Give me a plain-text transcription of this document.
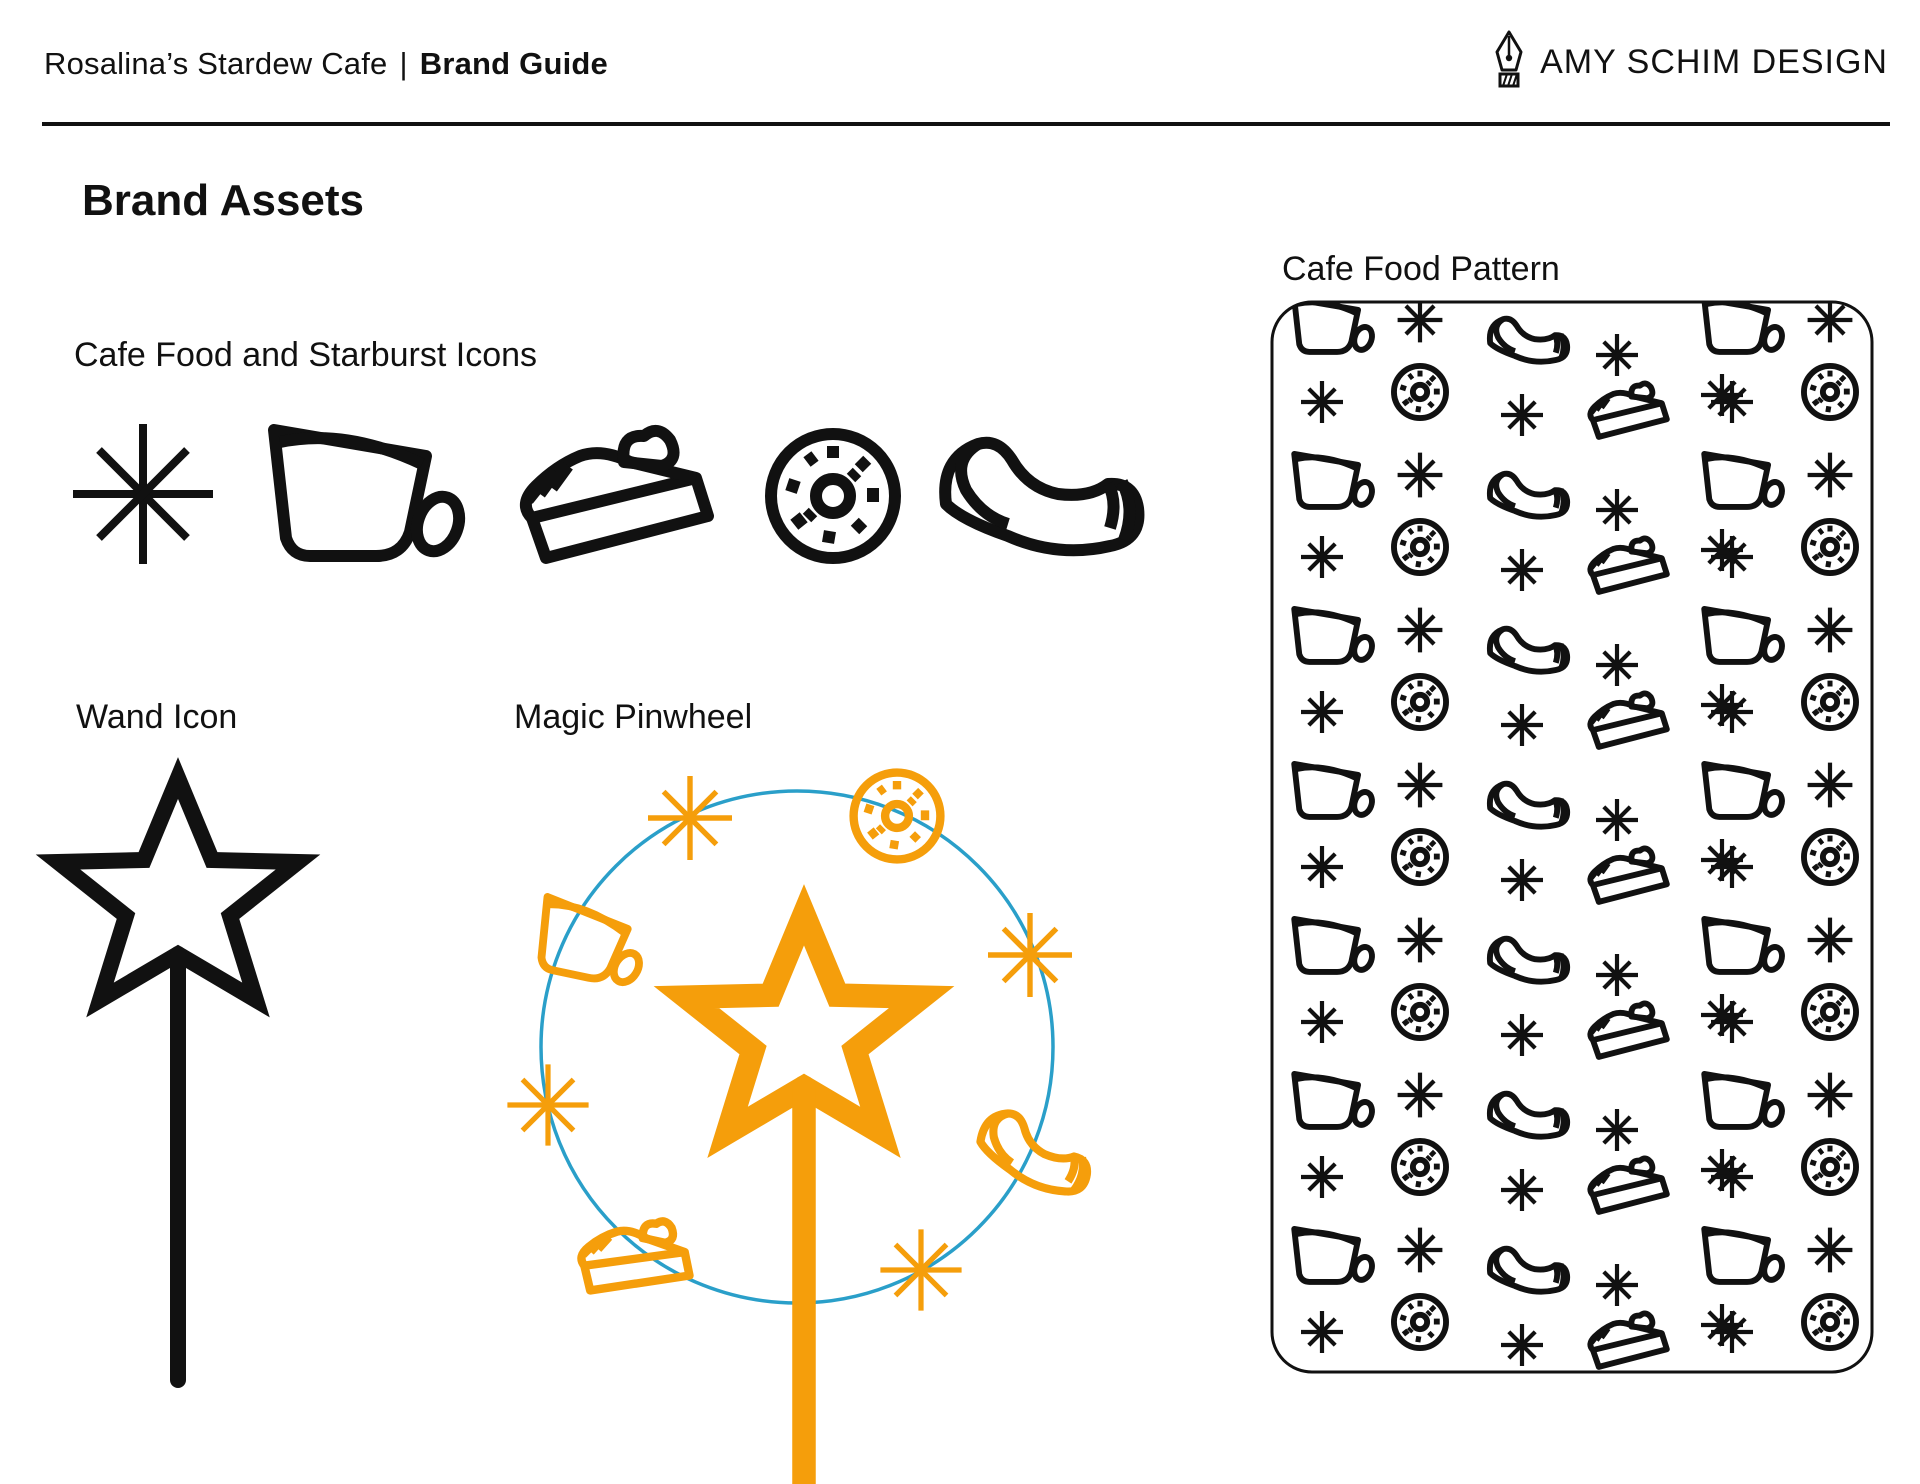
Rosalina’s Stardew Cafe | Brand Guide	AMY SCHIM DESIGN
Brand Assets
Cafe Food and Starburst Icons
Wand Icon	Magic Pinwheel
Cafe Food Pattern
